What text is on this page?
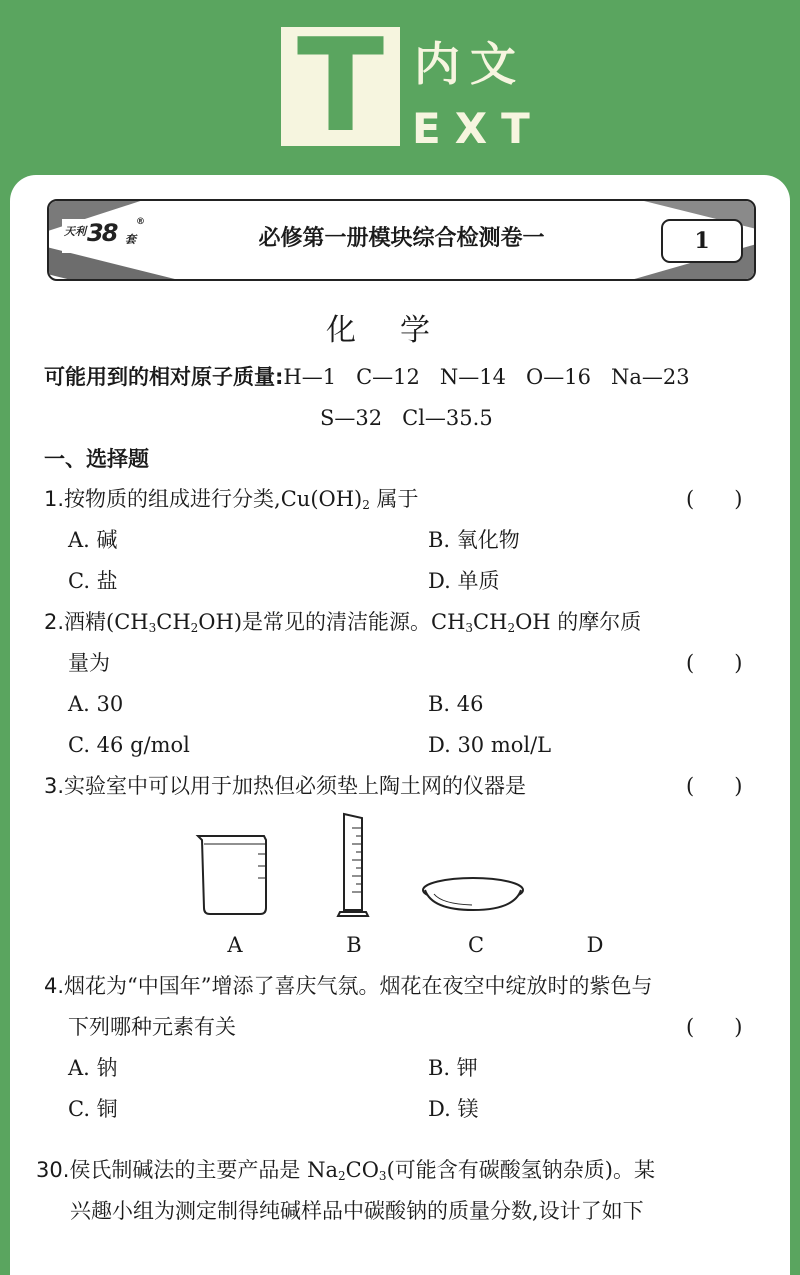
T 内文
EXT
天利 38 套
®
必修第一册模块综合检测卷一	1
化学
可能用到的相对原子质量:H—1   C—12   N—14   O—16   Na—23
S—32   Cl—35.5
一、选择题
1.按物质的组成进行分类$,Cu(OH)_2$ 属于	(      )
A. 碱	B. 氧化物
C. 盐	D. 单质
2.酒精$(CH_3CH_2OH)$是常见的清洁能源。$CH_3CH_2OH$ 的摩尔质
量为	(      )
A. 30	B. 46
C. 46 g/mol	D. 30 mol/L
3.实验室中可以用于加热但必须垫上陶土网的仪器是	(      )
A	B	C	D
4.烟花为“中国年”增添了喜庆气氛。烟花在夜空中绽放时的紫色与
下列哪种元素有关	(      )
A. 钠	B. 钾
C. 铜	D. 镁
30.侯氏制碱法的主要产品是 $Na_2CO_3$(可能含有碳酸氢钠杂质)。某
兴趣小组为测定制得纯碱样品中碳酸钠的质量分数,设计了如下
